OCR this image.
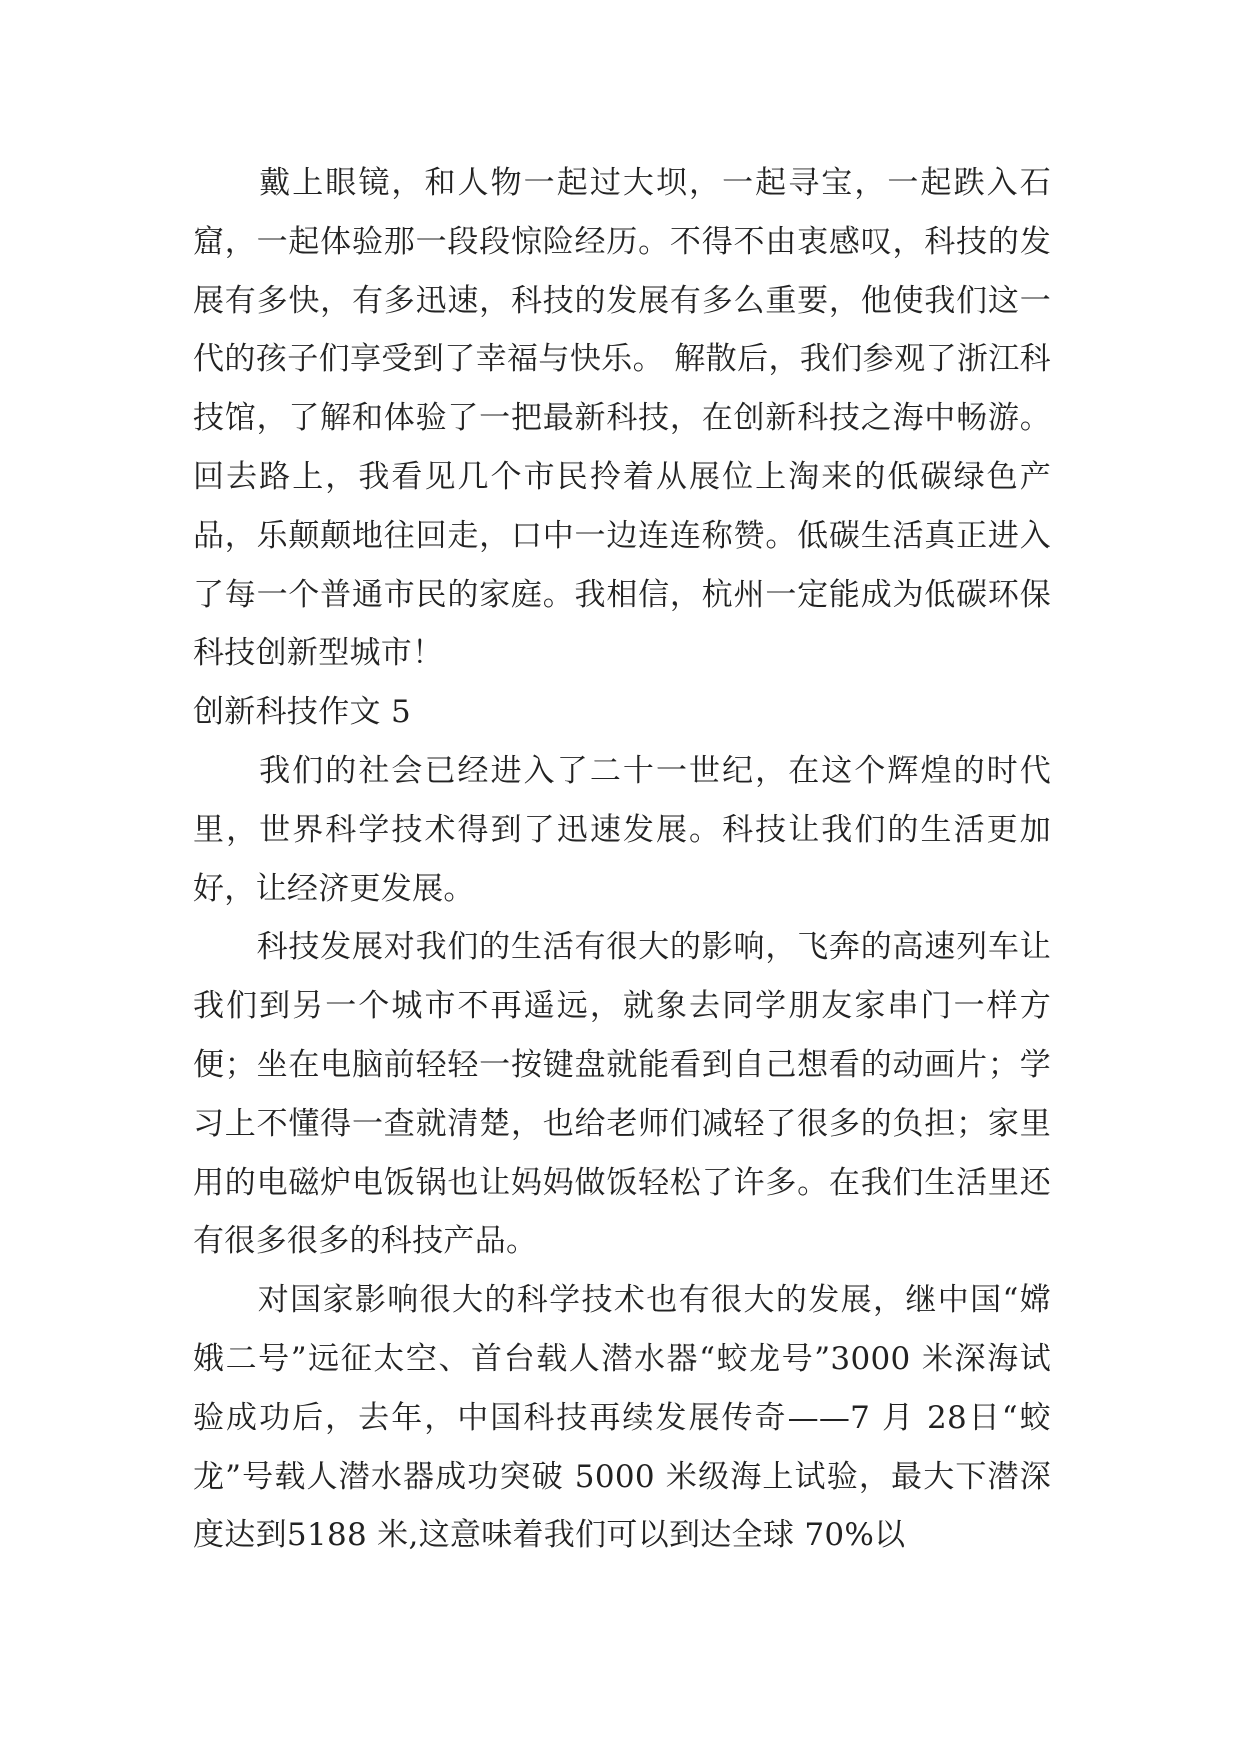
　　戴上眼镜，和人物一起过大坝，一起寻宝，一起跌入石窟，一起体验那一段段惊险经历。不得不由衷感叹，科技的发展有多快，有多迅速，科技的发展有多么重要，他使我们这一代的孩子们享受到了幸福与快乐。 解散后，我们参观了浙江科技馆，了解和体验了一把最新科技，在创新科技之海中畅游。 回去路上，我看见几个市民拎着从展位上淘来的低碳绿色产品，乐颠颠地往回走，口中一边连连称赞。低碳生活真正进入了每一个普通市民的家庭。我相信，杭州一定能成为低碳环保科技创新型城市！

创新科技作文 5

　　我们的社会已经进入了二十一世纪，在这个辉煌的时代里，世界科学技术得到了迅速发展。科技让我们的生活更加好，让经济更发展。

　　科技发展对我们的生活有很大的影响，飞奔的高速列车让我们到另一个城市不再遥远，就象去同学朋友家串门一样方便；坐在电脑前轻轻一按键盘就能看到自己想看的动画片；学习上不懂得一查就清楚，也给老师们减轻了很多的负担；家里用的电磁炉电饭锅也让妈妈做饭轻松了许多。在我们生活里还有很多很多的科技产品。

　　对国家影响很大的科学技术也有很大的发展，继中国“嫦娥二号”远征太空、首台载人潜水器“蛟龙号”3000 米深海试验成功后，去年，中国科技再续发展传奇——7 月 28日“蛟龙”号载人潜水器成功突破 5000 米级海上试验，最大下潜深度达到5188 米,这意味着我们可以到达全球 70%以
